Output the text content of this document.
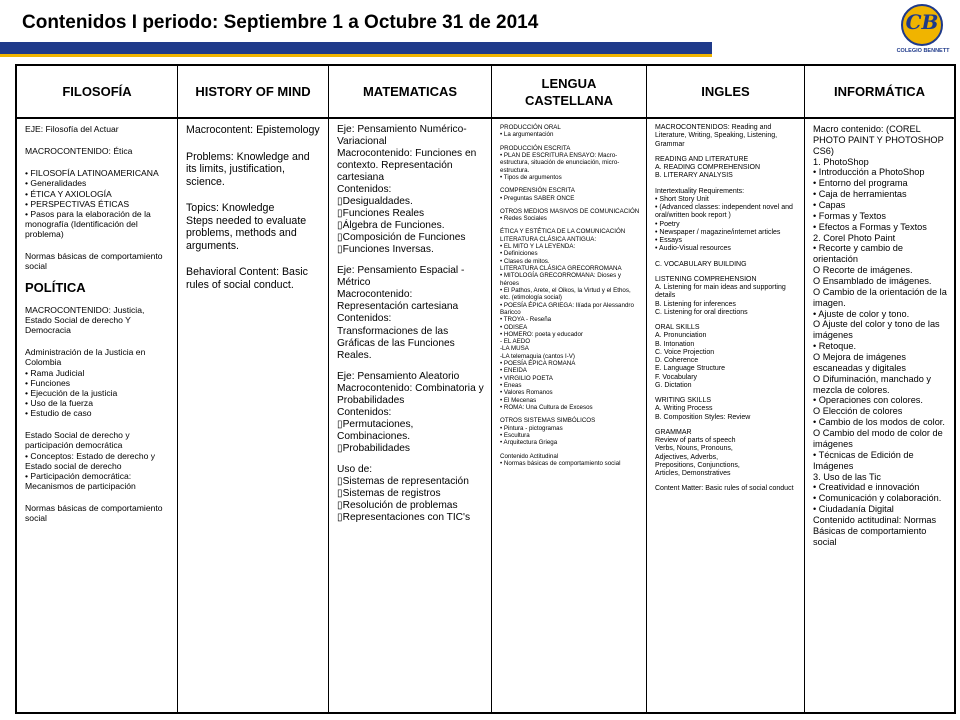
Contenidos I periodo: Septiembre 1 a Octubre 31 de 2014	CB
COLEGIO BENNETT
FILOSOFÍA
EJE: Filosofía del Actuar
MACROCONTENIDO: Ética
• FILOSOFÍA LATINOAMERICANA
• Generalidades
• ÉTICA Y AXIOLOGÍA
• PERSPECTIVAS ÉTICAS
• Pasos para la elaboración de la monografía (Identificación del problema)
Normas básicas de comportamiento social
POLÍTICA
MACROCONTENIDO: Justicia, Estado Social de derecho Y Democracia
Administración de la Justicia en Colombia
• Rama Judicial
• Funciones
• Ejecución de la justicia
• Uso de la fuerza
• Estudio de caso
Estado Social de derecho y participación democrática
• Conceptos: Estado de derecho y Estado social de derecho
• Participación democrática: Mecanismos de participación
Normas básicas de comportamiento social
HISTORY OF MIND
Macrocontent: Epistemology
Problems: Knowledge and its limits, justification, science.
Topics: Knowledge
Steps needed to evaluate problems, methods and arguments.
Behavioral Content: Basic rules of social conduct.
MATEMATICAS
Eje: Pensamiento Numérico-Variacional
Macrocontenido: Funciones en contexto. Representación cartesiana
Contenidos:
▯Desigualdades.
▯Funciones Reales
▯Álgebra de Funciones.
▯Composición de Funciones
▯Funciones Inversas.
Eje: Pensamiento Espacial - Métrico
Macrocontenido: Representación cartesiana
Contenidos:
Transformaciones de las Gráficas de las Funciones Reales.
Eje: Pensamiento Aleatorio
Macrocontenido: Combinatoria y Probabilidades
Contenidos:
▯Permutaciones, Combinaciones.
▯Probabilidades
Uso de:
▯Sistemas de representación
▯Sistemas de registros
▯Resolución de problemas
▯Representaciones con TIC's
LENGUA CASTELLANA
PRODUCCIÓN ORAL
• La argumentación
PRODUCCIÓN ESCRITA
• PLAN DE ESCRITURA ENSAYO: Macro-estructura, situación de enunciación, micro-estructura.
• Tipos de argumentos
COMPRENSIÓN ESCRITA
• Preguntas SABER ONCE
OTROS MEDIOS MASIVOS DE COMUNICACIÓN
• Redes Sociales
ÉTICA Y ESTÉTICA DE LA COMUNICACIÓN
LITERATURA CLÁSICA ANTIGUA:
• EL MITO Y LA LEYENDA:
• Definiciones
• Clases de mitos.
LITERATURA CLÁSICA GRECORROMANA
• MITOLOGÍA GRECORROMANA: Dioses y héroes
• El Pathos, Arete, el Oikos, la Virtud y el Ethos, etc. (etimología social)
• POESÍA ÉPICA GRIEGA: Ilíada por Alessandro Baricco
• TROYA - Reseña
• ODISEA
• HOMERO: poeta y educador
- EL AEDO
-LA MUSA
-LA telemaquia (cantos I-V)
• POESÍA ÉPICA ROMANA
• ENEIDA
• VIRGILIO POETA
• Eneas
• Valores Romanos
• El Mecenas
• ROMA: Una Cultura de Excesos
OTROS SISTEMAS SIMBÓLICOS
• Pintura - pictogramas
• Escultura
• Arquitectura Griega
Contenido Actitudinal
• Normas básicas de comportamiento social
INGLES
MACROCONTENIDOS: Reading and Literature, Writing, Speaking, Listening, Grammar
READING AND LITERATURE
A. READING COMPREHENSION
B. LITERARY ANALYSIS
Intertextuality Requirements:
• Short Story Unit
• (Advanced classes: independent novel and oral/written book report )
• Poetry
• Newspaper / magazine/internet articles
• Essays
• Audio-Visual resources
C. VOCABULARY BUILDING
LISTENING COMPREHENSION
A. Listening for main ideas and supporting details
B. Listening for inferences
C. Listening for oral directions
ORAL SKILLS
A. Pronunciation
B. Intonation
C. Voice Projection
D. Coherence
E. Language Structure
F. Vocabulary
G. Dictation
WRITING SKILLS
A. Writing Process
B. Composition Styles: Review
GRAMMAR
Review of parts of speech
Verbs, Nouns, Pronouns,
Adjectives, Adverbs,
Prepositions, Conjunctions,
Articles, Demonstratives
Content Matter: Basic rules of social conduct
INFORMÁTICA
Macro contenido: (COREL PHOTO PAINT Y PHOTOSHOP CS6)
1. PhotoShop
• Introducción a PhotoShop
• Entorno del programa
• Caja de herramientas
• Capas
• Formas y Textos
• Efectos a Formas y Textos
2. Corel Photo Paint
• Recorte y cambio de orientación
O Recorte de imágenes.
O Ensamblado de imágenes.
O Cambio de la orientación de la imagen.
• Ajuste de color y tono.
O Ajuste del color y tono de las imágenes
• Retoque.
O Mejora de imágenes escaneadas y digitales
O Difuminación, manchado y mezcla de colores.
• Operaciones con colores.
O Elección de colores
• Cambio de los modos de color.
O Cambio del modo de color de imágenes
• Técnicas de Edición de Imágenes
3. Uso de las Tic
• Creatividad e innovación
• Comunicación y colaboración.
• Ciudadanía Digital
Contenido actitudinal: Normas Básicas de comportamiento social
